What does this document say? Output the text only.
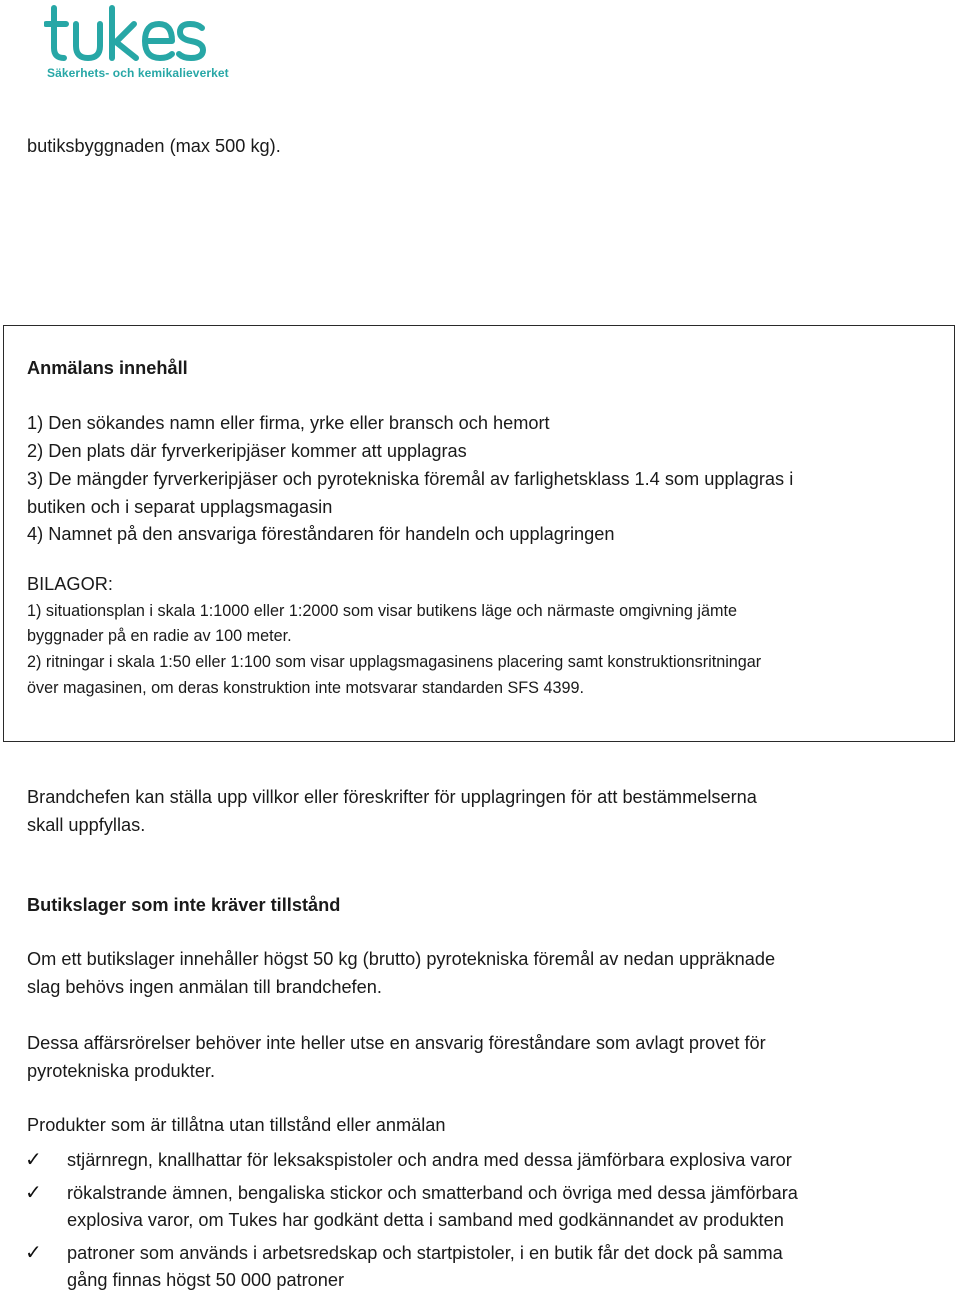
Säkerhets- och kemikalieverket
butiksbyggnaden (max 500 kg).
Anmälans innehåll
1) Den sökandes namn eller firma, yrke eller bransch och hemort
2) Den plats där fyrverkeripjäser kommer att upplagras
3) De mängder fyrverkeripjäser och pyrotekniska föremål av farlighetsklass 1.4 som upplagras i
butiken och i separat upplagsmagasin
4) Namnet på den ansvariga föreståndaren för handeln och upplagringen
BILAGOR:
1) situationsplan i skala 1:1000 eller 1:2000 som visar butikens läge och närmaste omgivning jämte
byggnader på en radie av 100 meter.
2) ritningar i skala 1:50 eller 1:100 som visar upplagsmagasinens placering samt konstruktionsritningar
över magasinen, om deras konstruktion inte motsvarar standarden SFS 4399.
Brandchefen kan ställa upp villkor eller föreskrifter för upplagringen för att bestämmelserna
skall uppfyllas.
Butikslager som inte kräver tillstånd
Om ett butikslager innehåller högst 50 kg (brutto) pyrotekniska föremål av nedan uppräknade
slag behövs ingen anmälan till brandchefen.
Dessa affärsrörelser behöver inte heller utse en ansvarig föreståndare som avlagt provet för
pyrotekniska produkter.
Produkter som är tillåtna utan tillstånd eller anmälan
✓ stjärnregn, knallhattar för leksakspistoler och andra med dessa jämförbara explosiva varor
✓ rökalstrande ämnen, bengaliska stickor och smatterband och övriga med dessa jämförbara
explosiva varor, om Tukes har godkänt detta i samband med godkännandet av produkten
✓ patroner som används i arbetsredskap och startpistoler, i en butik får det dock på samma
gång finnas högst 50 000 patroner
